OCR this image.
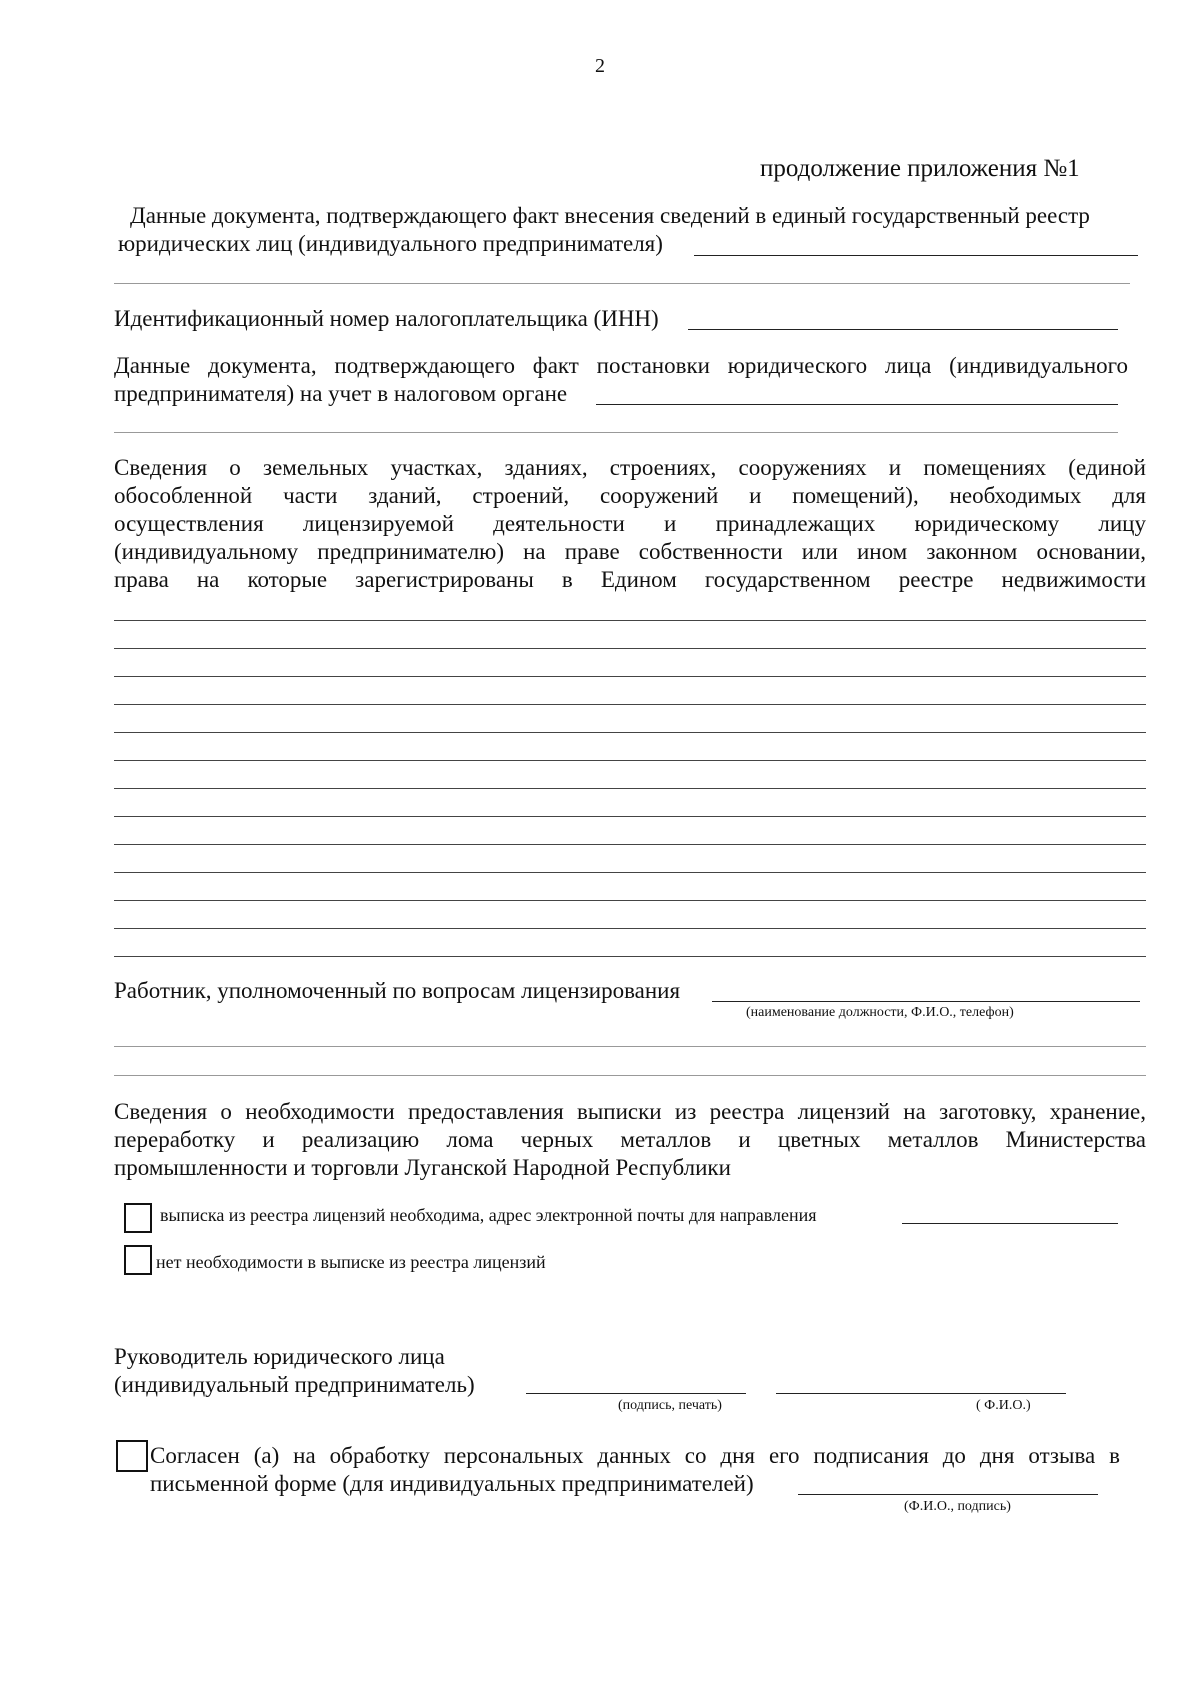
2
продолжение приложения №1
Данные документа, подтверждающего факт внесения сведений в единый государственный реестр
юридических лиц (индивидуального предпринимателя)
Идентификационный номер налогоплательщика (ИНН)
Данные документа, подтверждающего факт постановки юридического лица (индивидуального
предпринимателя) на учет в налоговом органе
Сведения о земельных участках, зданиях, строениях, сооружениях и помещениях (единой
обособленной части зданий, строений, сооружений и помещений), необходимых для
осуществления лицензируемой деятельности и принадлежащих юридическому лицу
(индивидуальному предпринимателю) на праве собственности или ином законном основании,
права на которые зарегистрированы в Едином государственном реестре недвижимости
Работник, уполномоченный по вопросам лицензирования
(наименование должности, Ф.И.О., телефон)
Сведения о необходимости предоставления выписки из реестра лицензий на заготовку, хранение,
переработку и реализацию лома черных металлов и цветных металлов Министерства
промышленности и торговли Луганской Народной Республики
выписка из реестра лицензий необходима, адрес электронной почты для направления
нет необходимости в выписке из реестра лицензий
Руководитель юридического лица
(индивидуальный предприниматель)
(подпись, печать)	( Ф.И.О.)
Согласен (а) на обработку персональных данных со дня его подписания до дня отзыва в
письменной форме (для индивидуальных предпринимателей)
(Ф.И.О., подпись)
